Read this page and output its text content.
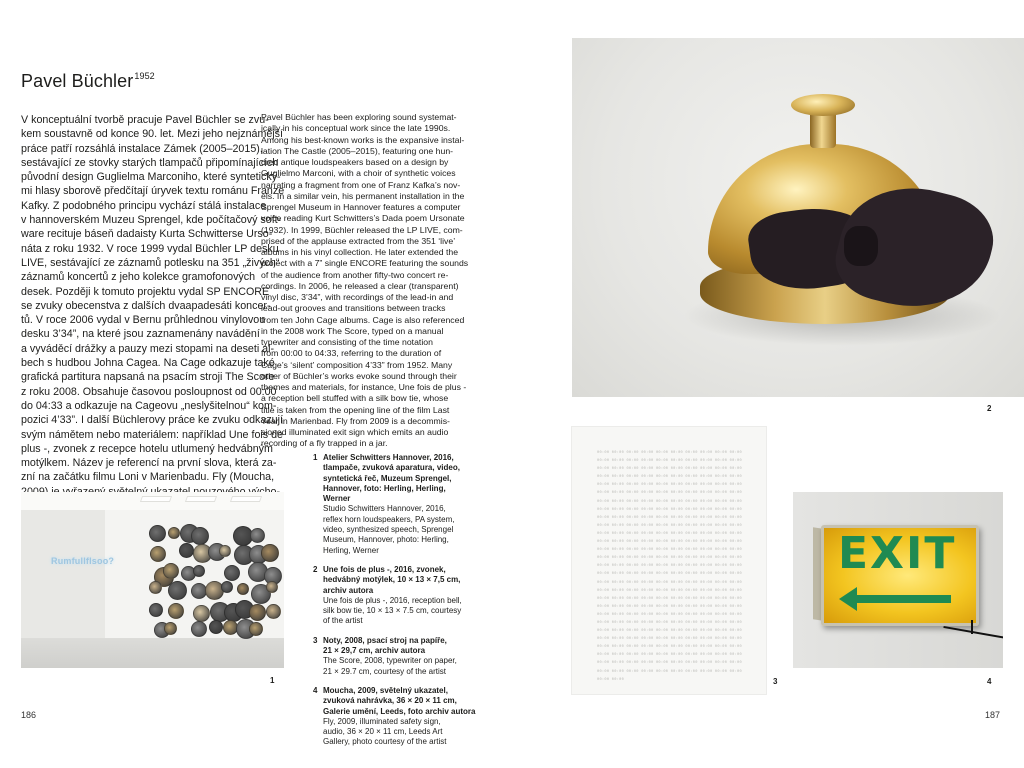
Pavel Büchler$^{1952}$
V konceptuální tvorbě pracuje Pavel Büchler se zvu-
kem soustavně od konce 90. let. Mezi jeho nejznámější
práce patří rozsáhlá instalace Zámek (2005–2015),
sestávající ze stovky starých tlampačů připomínajících
původní design Guglielma Marconiho, které syntetický-
mi hlasy sborově předčítají úryvek textu románu Franze
Kafky. Z podobného principu vychází stálá instalace
v hannoverském Muzeu Sprengel, kde počítačový soft-
ware recituje báseň dadaisty Kurta Schwitterse Urso-
náta z roku 1932. V roce 1999 vydal Büchler LP desku
LIVE, sestávající ze záznamů potlesku na 351 „živých“
záznamů koncertů z jeho kolekce gramofonových
desek. Později k tomuto projektu vydal SP ENCORE
se zvuky obecenstva z dalších dvaapadesáti koncer-
tů. V roce 2006 vydal v Bernu průhlednou vinylovou
desku 3’34”, na které jsou zaznamenány navádění
a vyváděcí drážky a pauzy mezi stopami na deseti al-
bech s hudbou Johna Cagea. Na Cage odkazuje také
grafická partitura napsaná na psacím stroji The Score
z roku 2008. Obsahuje časovou posloupnost od 00:00
do 04:33 a odkazuje na Cageovu „neslyšitelnou“ kom-
pozici 4’33”. I další Büchlerovy práce ke zvuku odkazují
svým námětem nebo materiálem: například Une fois de
plus -, zvonek z recepce hotelu utlumený hedvábným
motýlkem. Název je referencí na první slova, která za-
zní na začátku filmu Loni v Marienbadu. Fly (Moucha,
Pavel Büchler has been exploring sound systemat-
ically in his conceptual work since the late 1990s.
Among his best-known works is the expansive instal-
lation The Castle (2005–2015), featuring one hun-
dred antique loudspeakers based on a design by
Guglielmo Marconi, with a choir of synthetic voices
narrating a fragment from one of Franz Kafka’s nov-
els. In a similar vein, his permanent installation in the
Sprengel Museum in Hannover features a computer
voice reading Kurt Schwitters’s Dada poem Ursonate
(1932). In 1999, Büchler released the LP LIVE, com-
prised of the applause extracted from the 351 ‘live’
albums in his vinyl collection. He later extended the
project with a 7” single ENCORE featuring the sounds
of the audience from another fifty-two concert re-
cordings. In 2006, he released a clear (transparent)
vinyl disc, 3’34”, with recordings of the lead-in and
lead-out grooves and transitions between tracks
from ten John Cage albums. Cage is also referenced
in the 2008 work The Score, typed on a manual
typewriter and consisting of the time notation
from 00:00 to 04:33, referring to the duration of
Cage’s ‘silent’ composition 4’33” from 1952. Many
other of Büchler’s works evoke sound through their
themes and materials, for instance, Une fois de plus -
a reception bell stuffed with a silk bow tie, whose
title is taken from the opening line of the film Last
Year in Marienbad. Fly from 2009 is a decommis-
sioned illuminated exit sign which emits an audio
recording of a fly trapped in a jar.
1 Atelier Schwitters Hannover, 2016,
tlampače, zvuková aparatura, video,
syntetická řeč, Muzeum Sprengel,
Hannover, foto: Herling, Herling,
Werner
Studio Schwitters Hannover, 2016,
reflex horn loudspeakers, PA system,
video, synthesized speech, Sprengel
Museum, Hannover, photo: Herling,
Herling, Werner
2 Une fois de plus -, 2016, zvonek,
hedvábný motýlek, 10 × 13 × 7,5 cm,
archiv autora
Une fois de plus -, 2016, reception bell,
silk bow tie, 10 × 13 × 7.5 cm, courtesy
of the artist
3 Noty, 2008, psací stroj na papíře,
21 × 29,7 cm, archiv autora
The Score, 2008, typewriter on paper,
21 × 29.7 cm, courtesy of the artist
4 Moucha, 2009, světelný ukazatel,
zvuková nahrávka, 36 × 20 × 11 cm,
Galerie umění, Leeds, foto archiv autora
Fly, 2009, illuminated safety sign,
audio, 36 × 20 × 11 cm, Leeds Art
Gallery, photo courtesy of the artist
Rumfullflsoo?
1
2
00:00 00:00 00:00 00:00 00:00 00:00 00:00 00:00 00:00 00:00
00:00 00:00 00:00 00:00 00:00 00:00 00:00 00:00 00:00 00:00
00:00 00:00 00:00 00:00 00:00 00:00 00:00 00:00 00:00 00:00
00:00 00:00 00:00 00:00 00:00 00:00 00:00 00:00 00:00 00:00
00:00 00:00 00:00 00:00 00:00 00:00 00:00 00:00 00:00 00:00
00:00 00:00 00:00 00:00 00:00 00:00 00:00 00:00 00:00 00:00
00:00 00:00 00:00 00:00 00:00 00:00 00:00 00:00 00:00 00:00
00:00 00:00 00:00 00:00 00:00 00:00 00:00 00:00 00:00 00:00
00:00 00:00 00:00 00:00 00:00 00:00 00:00 00:00 00:00 00:00
00:00 00:00 00:00 00:00 00:00 00:00 00:00 00:00 00:00 00:00
00:00 00:00 00:00 00:00 00:00 00:00 00:00 00:00 00:00 00:00
00:00 00:00 00:00 00:00 00:00 00:00 00:00 00:00 00:00 00:00
00:00 00:00 00:00 00:00 00:00 00:00 00:00 00:00 00:00 00:00
00:00 00:00 00:00 00:00 00:00 00:00 00:00 00:00 00:00 00:00
00:00 00:00 00:00 00:00 00:00 00:00 00:00 00:00 00:00 00:00
00:00 00:00 00:00 00:00 00:00 00:00 00:00 00:00 00:00 00:00
00:00 00:00 00:00 00:00 00:00 00:00 00:00 00:00 00:00 00:00
00:00 00:00 00:00 00:00 00:00 00:00 00:00 00:00 00:00 00:00
00:00 00:00 00:00 00:00 00:00 00:00 00:00 00:00 00:00 00:00
00:00 00:00 00:00 00:00 00:00 00:00 00:00 00:00 00:00 00:00
00:00 00:00 00:00 00:00 00:00 00:00 00:00 00:00 00:00 00:00
00:00 00:00 00:00 00:00 00:00 00:00 00:00 00:00 00:00 00:00
00:00 00:00 00:00 00:00 00:00 00:00 00:00 00:00 00:00 00:00
00:00 00:00 00:00 00:00 00:00 00:00 00:00 00:00 00:00 00:00
00:00 00:00 00:00 00:00 00:00 00:00 00:00 00:00 00:00 00:00
00:00 00:00 00:00 00:00 00:00 00:00 00:00 00:00 00:00 00:00
00:00 00:00 00:00 00:00 00:00 00:00 00:00 00:00 00:00 00:00
00:00 00:00 00:00 00:00 00:00 00:00 00:00 00:00 00:00 00:00
00:00 00:00	3
EXIT
4
186	187
